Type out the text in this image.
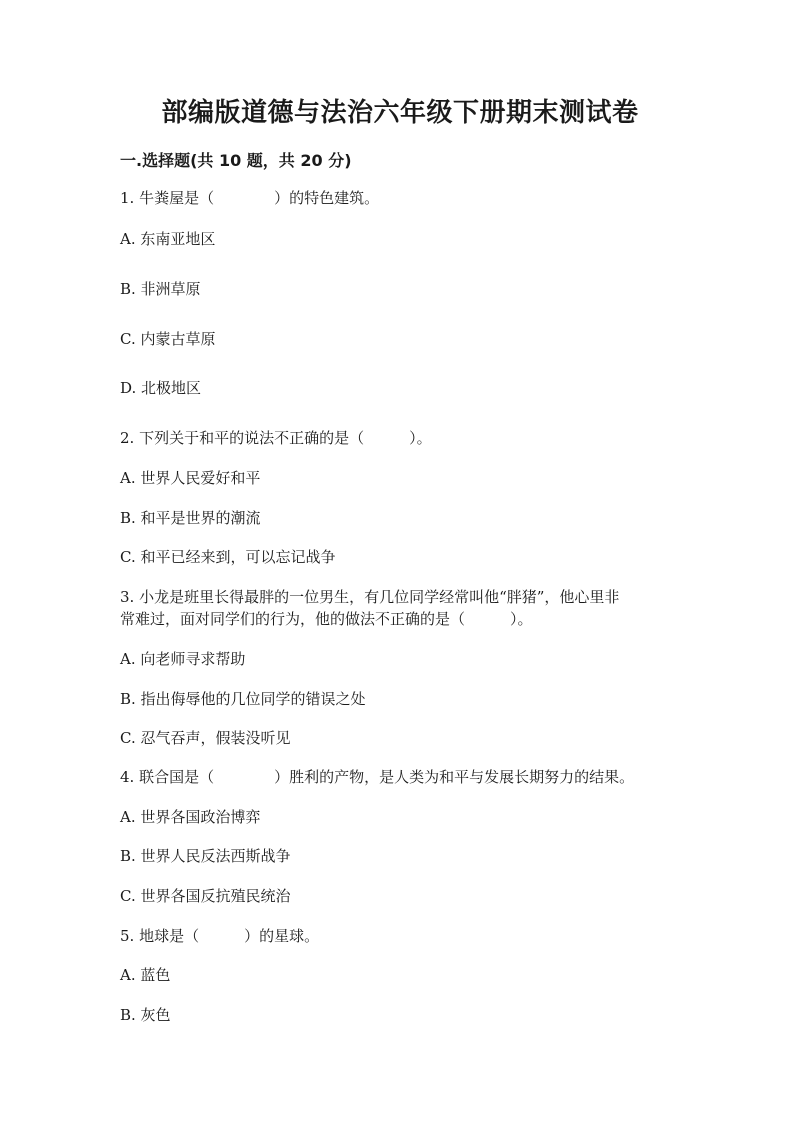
部编版道德与法治六年级下册期末测试卷

一.选择题(共 10 题，共 20 分)

1. 牛粪屋是（　　　　）的特色建筑。

A. 东南亚地区

B. 非洲草原

C. 内蒙古草原

D. 北极地区

2. 下列关于和平的说法不正确的是（　　　）。

A. 世界人民爱好和平

B. 和平是世界的潮流

C. 和平已经来到，可以忘记战争

3. 小龙是班里长得最胖的一位男生，有几位同学经常叫他“胖猪”，他心里非

常难过，面对同学们的行为，他的做法不正确的是（　　　）。

A. 向老师寻求帮助

B. 指出侮辱他的几位同学的错误之处

C. 忍气吞声，假装没听见

4. 联合国是（　　　　）胜利的产物，是人类为和平与发展长期努力的结果。

A. 世界各国政治博弈

B. 世界人民反法西斯战争

C. 世界各国反抗殖民统治

5. 地球是（　　　）的星球。

A. 蓝色

B. 灰色
